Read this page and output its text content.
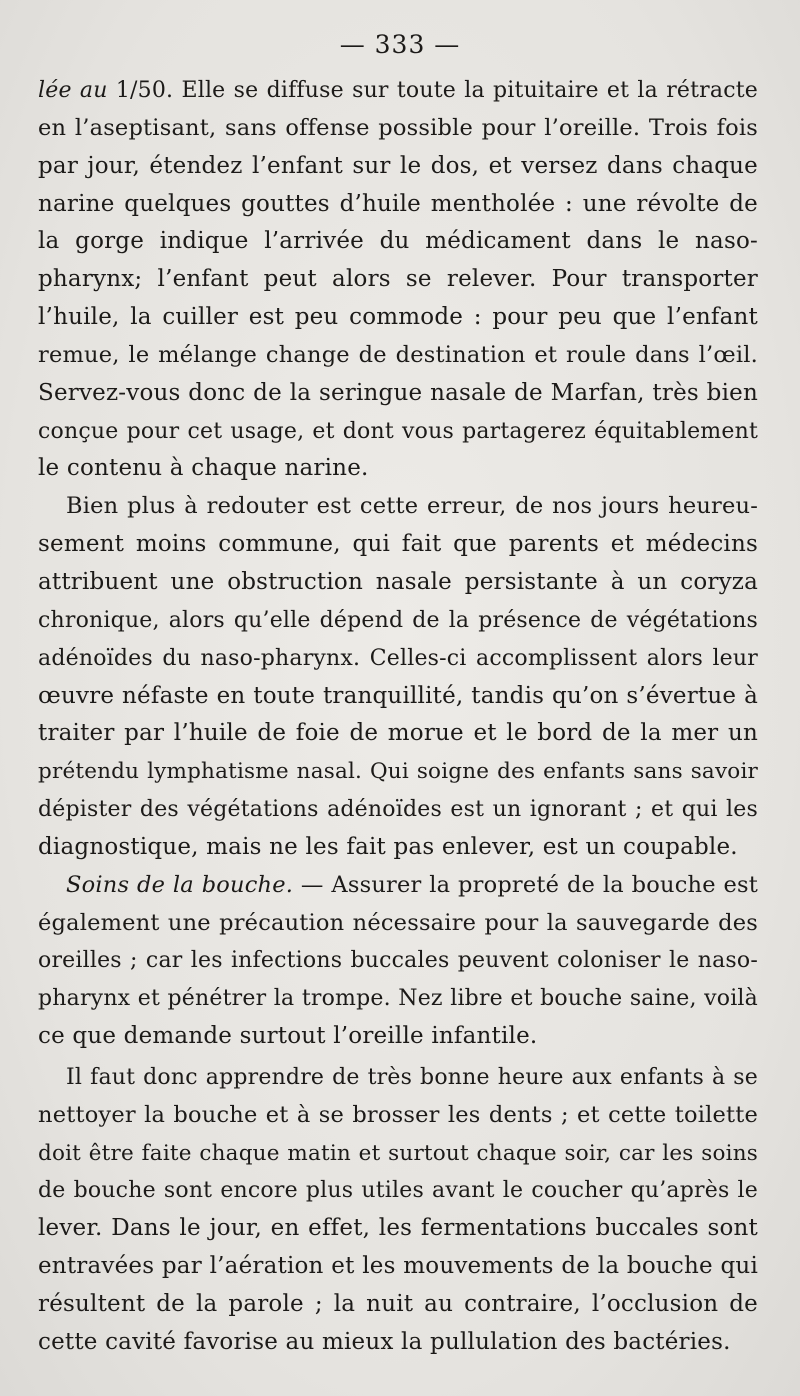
— 333 —
lée au 1/50. Elle se diffuse sur toute la pituitaire et la rétracte
en l’aseptisant, sans offense possible pour l’oreille. Trois fois
par jour, étendez l’enfant sur le dos, et versez dans chaque
narine quelques gouttes d’huile mentholée : une révolte de
la gorge indique l’arrivée du médicament dans le naso-
pharynx; l’enfant peut alors se relever. Pour transporter
l’huile, la cuiller est peu commode : pour peu que l’enfant
remue, le mélange change de destination et roule dans l’œil.
Servez-vous donc de la seringue nasale de Marfan, très bien
conçue pour cet usage, et dont vous partagerez équitablement
le contenu à chaque narine.
Bien plus à redouter est cette erreur, de nos jours heureu-
sement moins commune, qui fait que parents et médecins
attribuent une obstruction nasale persistante à un coryza
chronique, alors qu’elle dépend de la présence de végétations
adénoïdes du naso-pharynx. Celles-ci accomplissent alors leur
œuvre néfaste en toute tranquillité, tandis qu’on s’évertue à
traiter par l’huile de foie de morue et le bord de la mer un
prétendu lymphatisme nasal. Qui soigne des enfants sans savoir
dépister des végétations adénoïdes est un ignorant ; et qui les
diagnostique, mais ne les fait pas enlever, est un coupable.
Soins de la bouche. — Assurer la propreté de la bouche est
également une précaution nécessaire pour la sauvegarde des
oreilles ; car les infections buccales peuvent coloniser le naso-
pharynx et pénétrer la trompe. Nez libre et bouche saine, voilà
ce que demande surtout l’oreille infantile.
Il faut donc apprendre de très bonne heure aux enfants à se
nettoyer la bouche et à se brosser les dents ; et cette toilette
doit être faite chaque matin et surtout chaque soir, car les soins
de bouche sont encore plus utiles avant le coucher qu’après le
lever. Dans le jour, en effet, les fermentations buccales sont
entravées par l’aération et les mouvements de la bouche qui
résultent de la parole ; la nuit au contraire, l’occlusion de
cette cavité favorise au mieux la pullulation des bactéries.
